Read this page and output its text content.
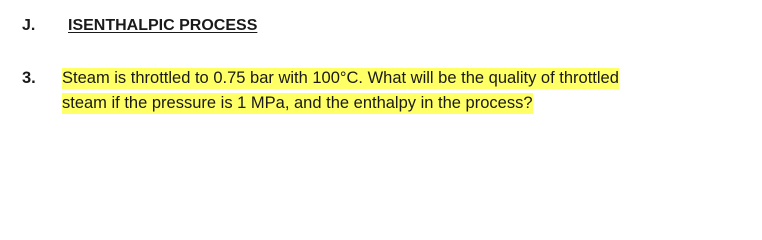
J. ISENTHALPIC PROCESS
3.	Steam is throttled to 0.75 bar with 100°C. What will be the quality of throttled
steam if the pressure is 1 MPa, and the enthalpy in the process?
